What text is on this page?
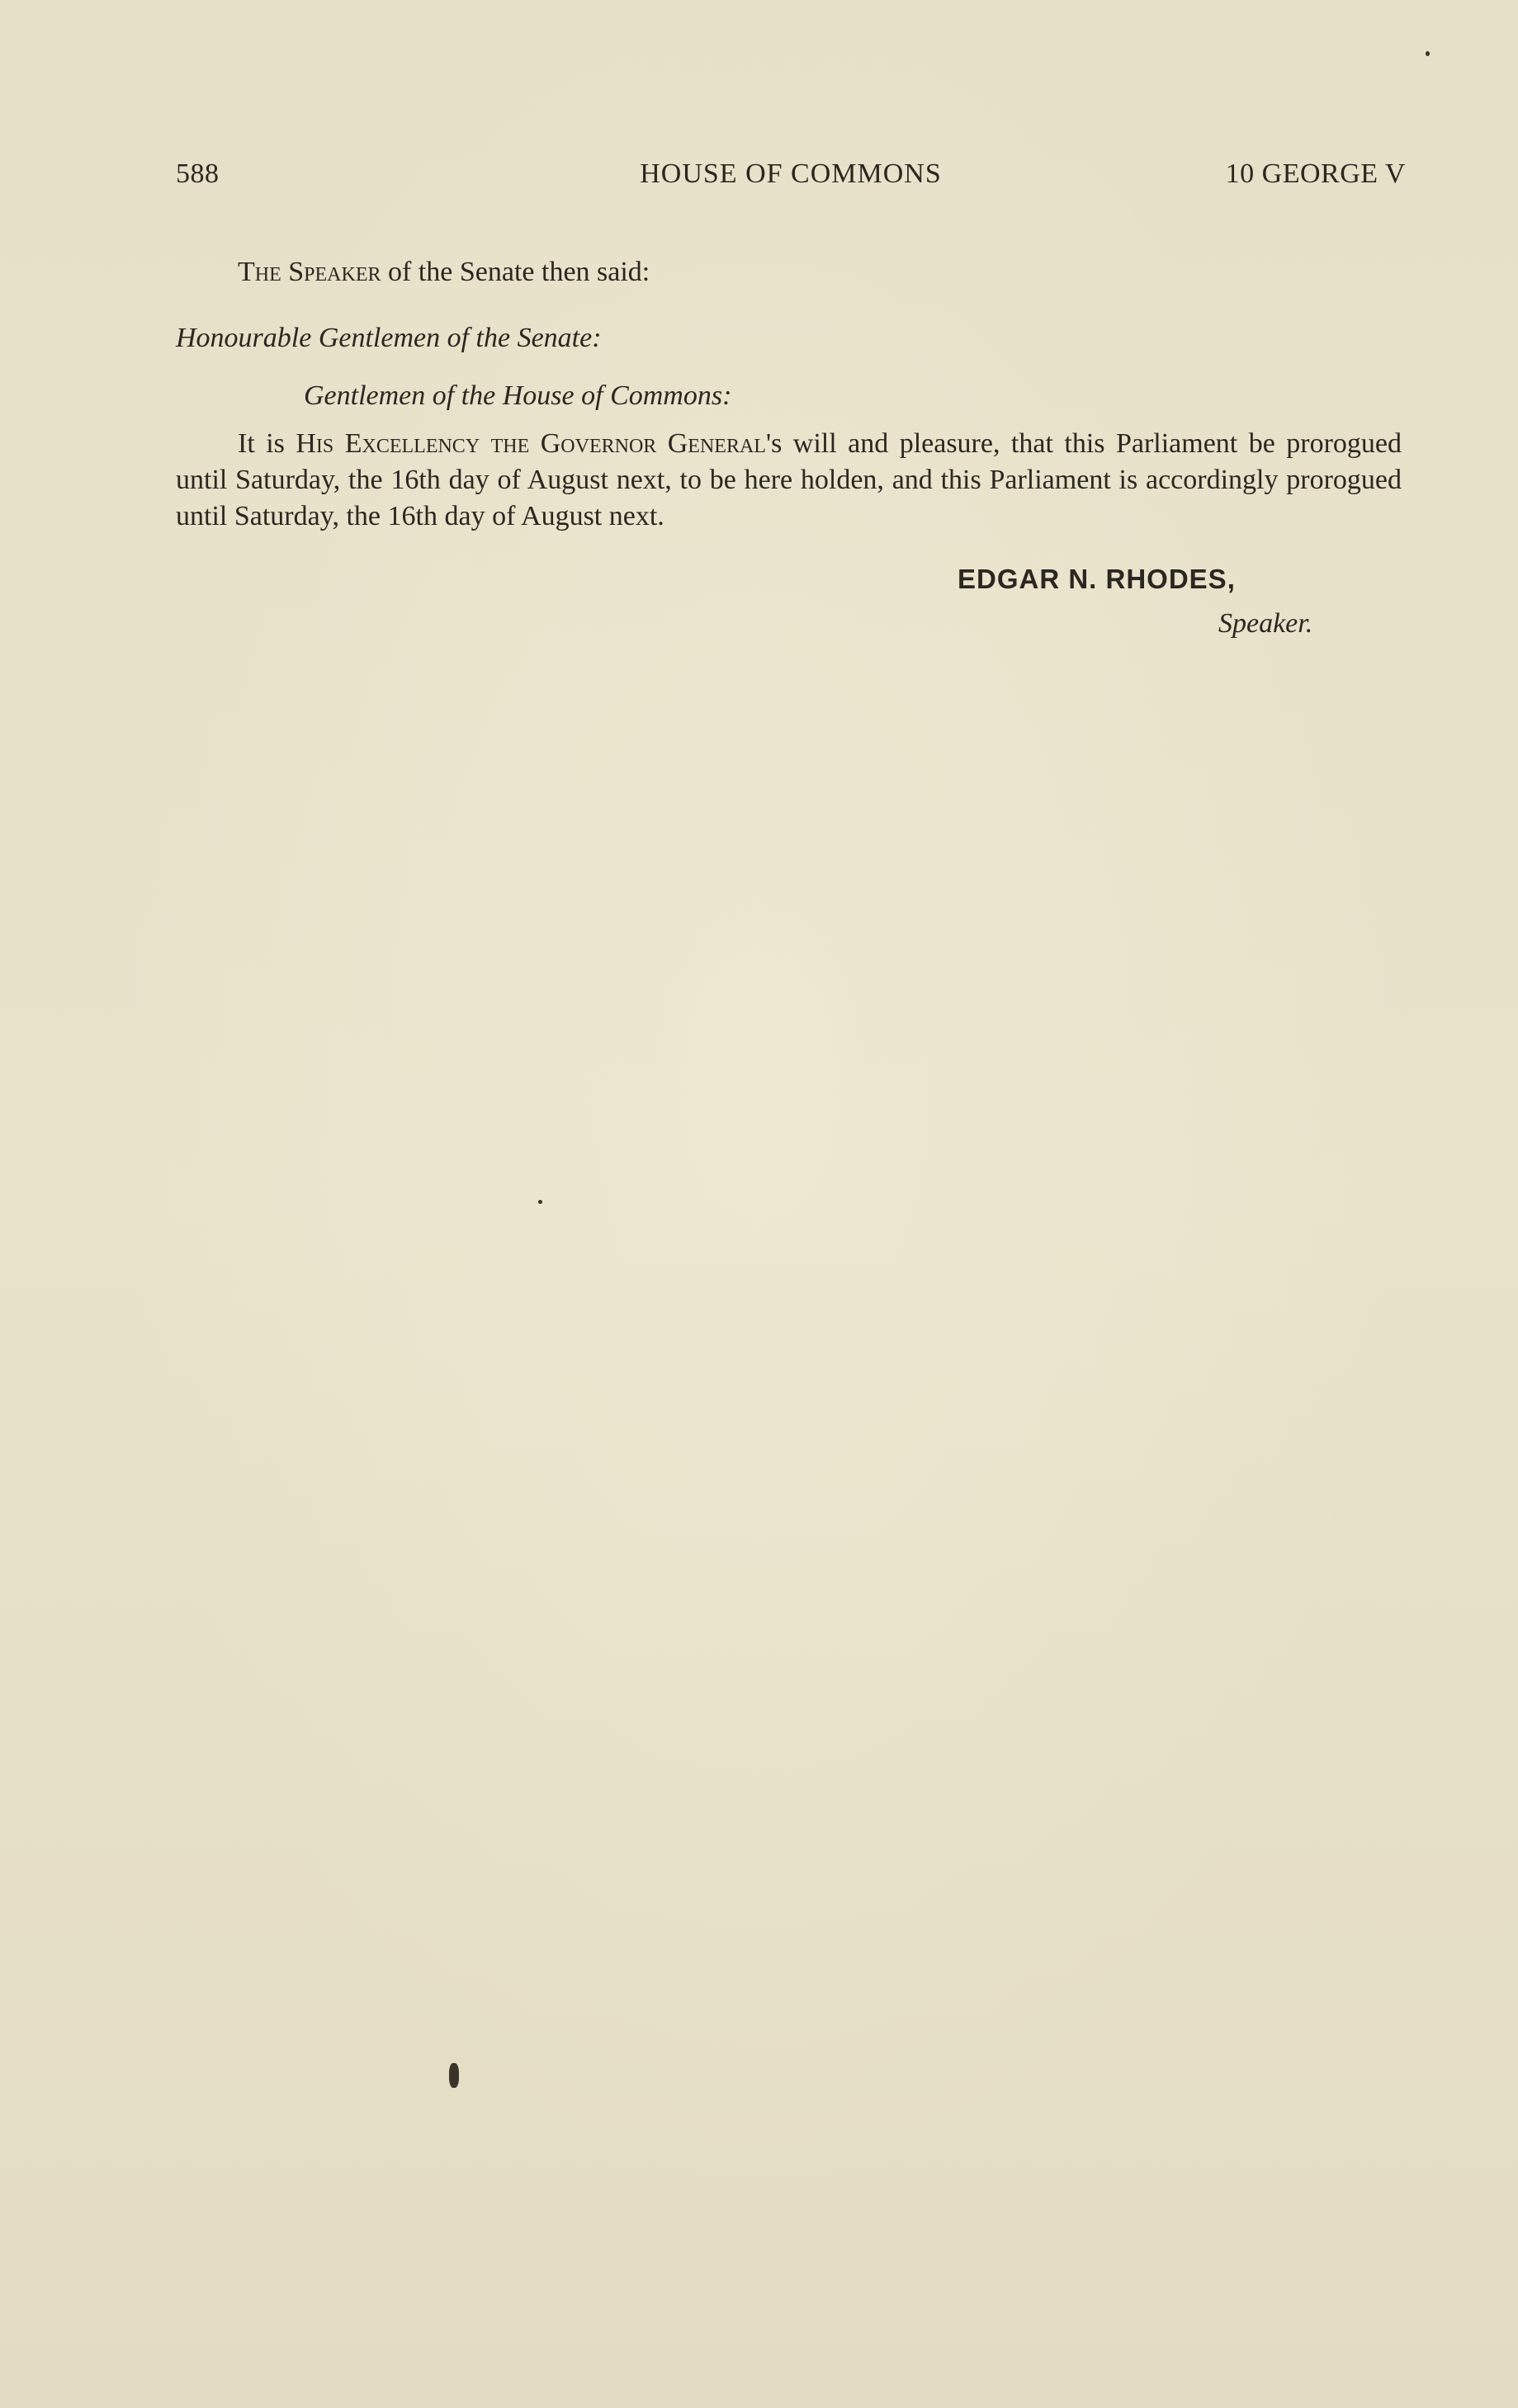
588	HOUSE OF COMMONS	10 GEORGE V
The Speaker of the Senate then said:
Honourable Gentlemen of the Senate:
Gentlemen of the House of Commons:
It is His Excellency the Governor General's will and pleasure, that this Parliament be prorogued until Saturday, the 16th day of August next, to be here holden, and this Parliament is accordingly prorogued until Saturday, the 16th day of August next.
EDGAR N. RHODES,
Speaker.
